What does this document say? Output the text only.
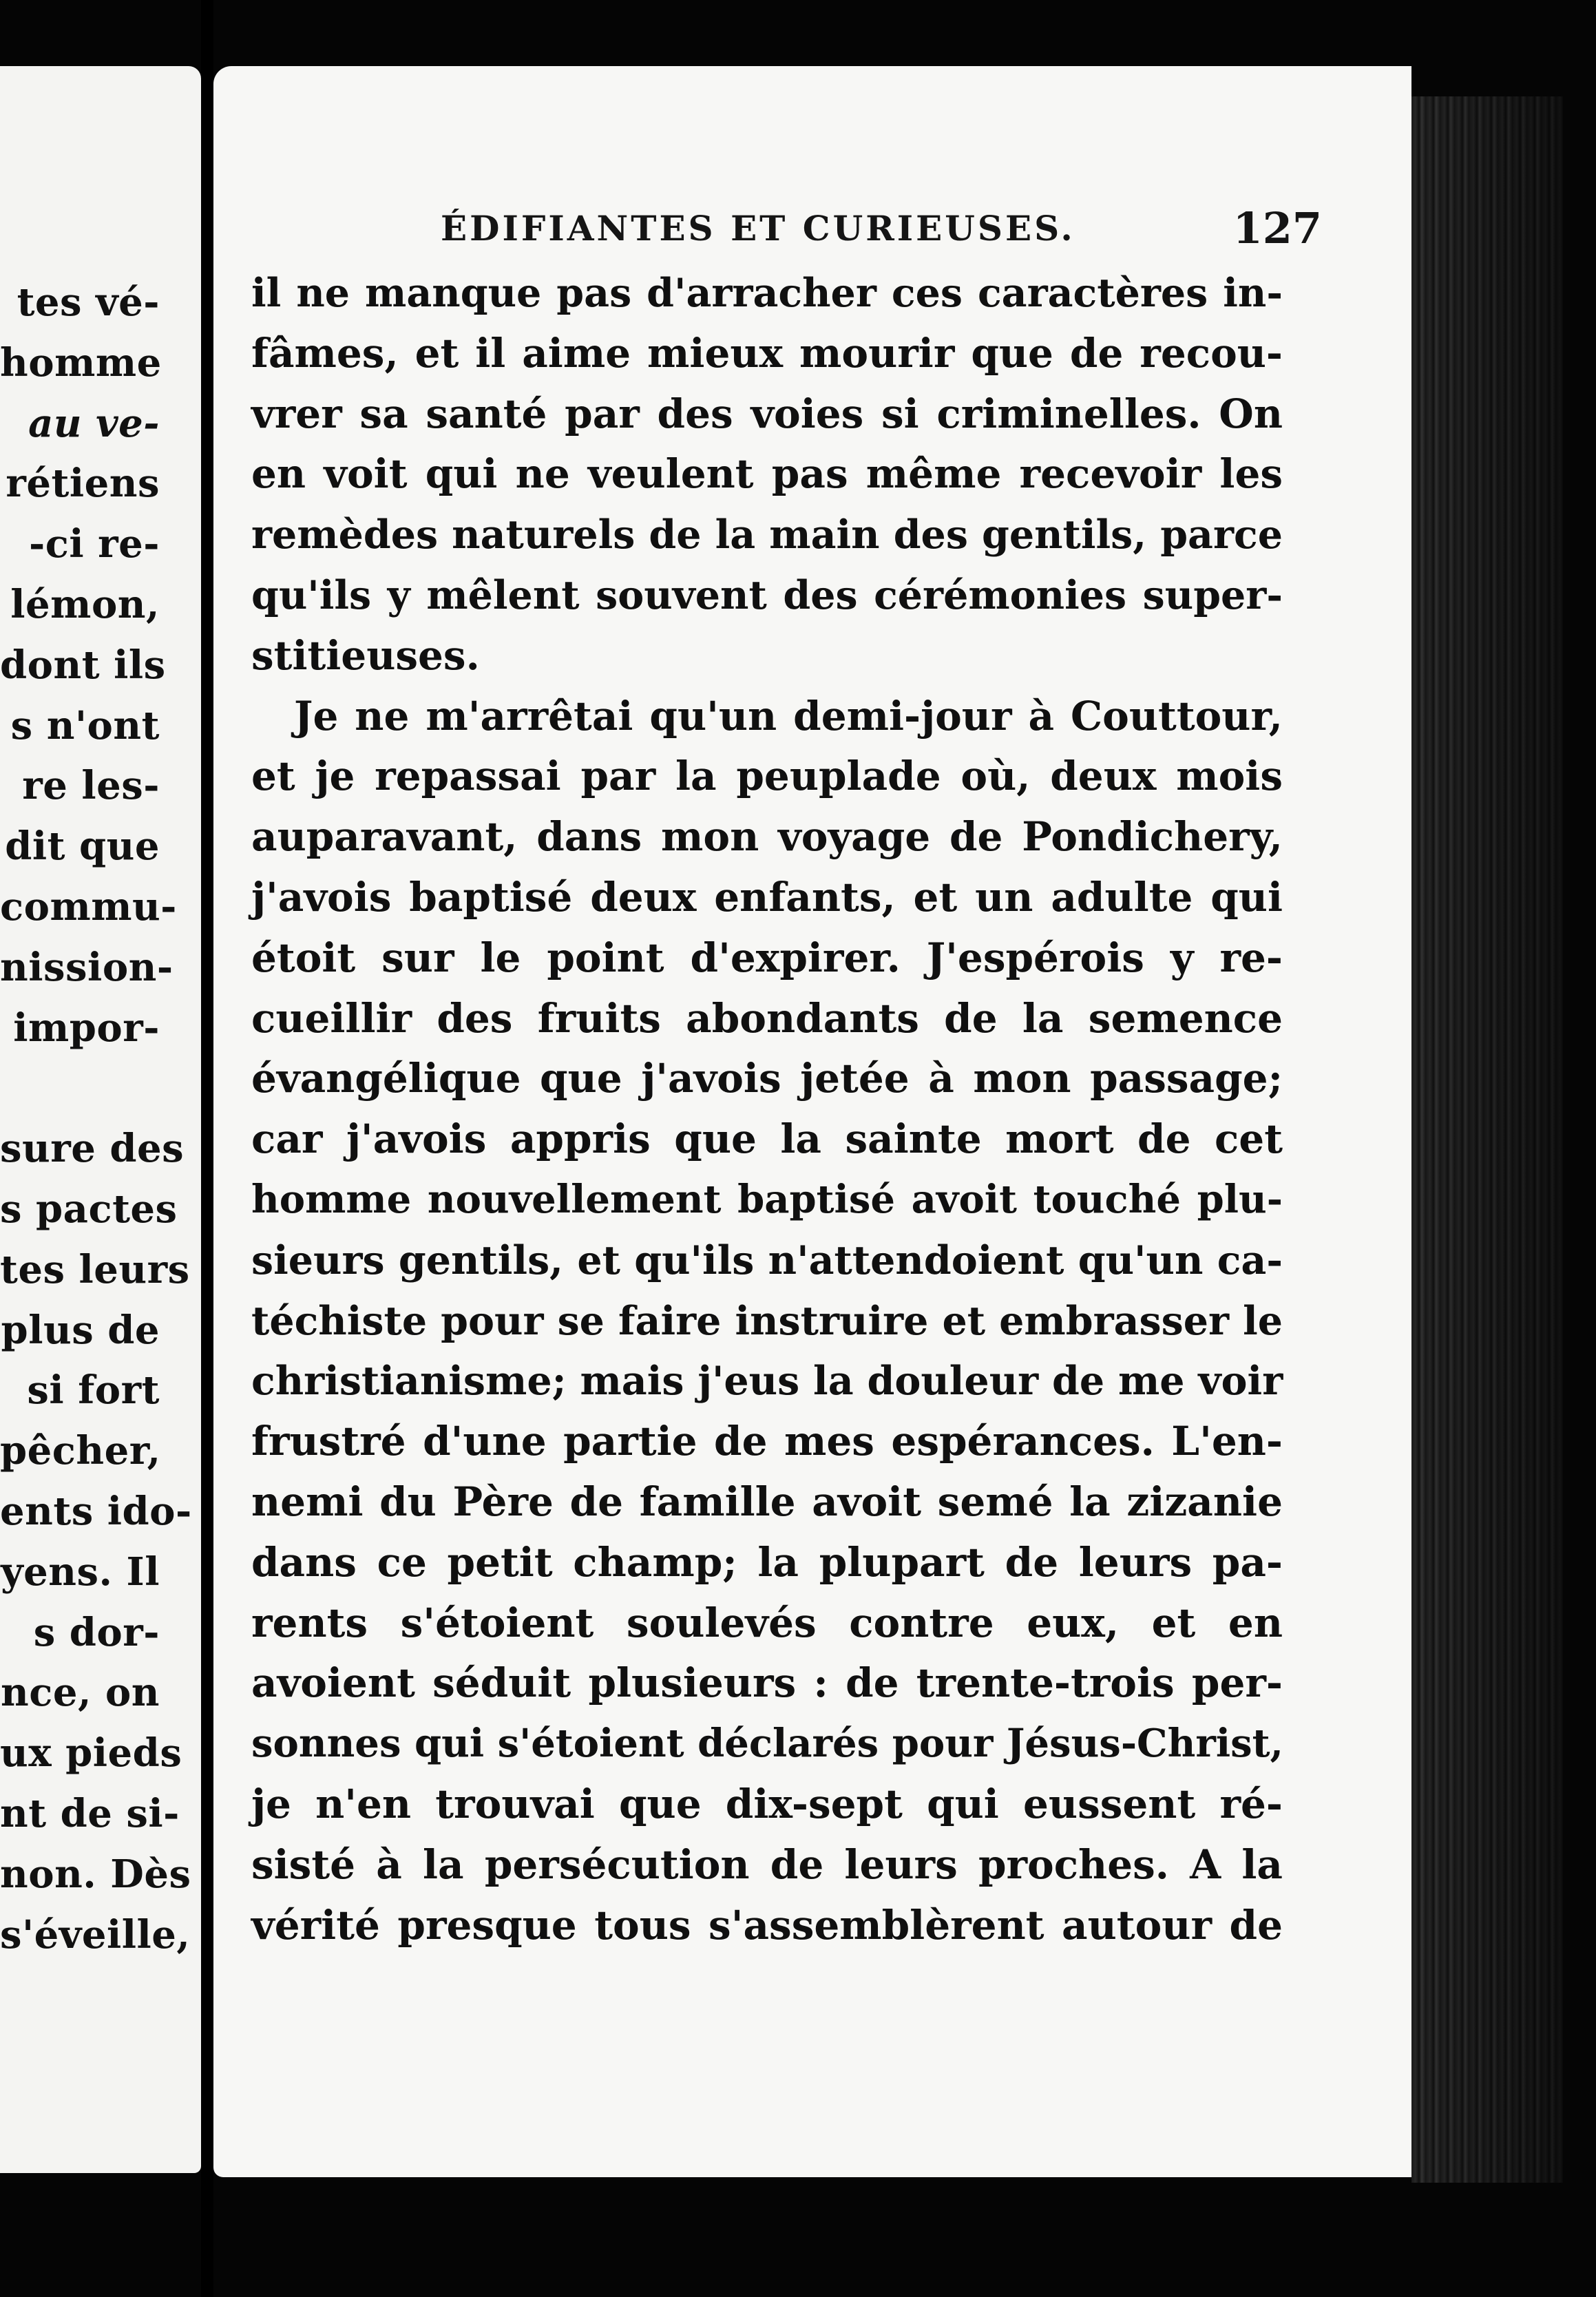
tes vé-
homme
au ve-
rétiens
-ci re-
lémon,
dont ils
s n'ont
re les-
dit que
commu-
nission-
impor-
sure des
s pactes
tes leurs
plus de
si fort
pêcher,
ents ido-
yens. Il
s dor-
nce, on
ux pieds
nt de si-
non. Dès
s'éveille,
ÉDIFIANTES ET CURIEUSES.	127
il ne manque pas d'arracher ces caractères in-
fâmes, et il aime mieux mourir que de recou-
vrer sa santé par des voies si criminelles. On
en voit qui ne veulent pas même recevoir les
remèdes naturels de la main des gentils, parce
qu'ils y mêlent souvent des cérémonies super-
stitieuses.
Je ne m'arrêtai qu'un demi-jour à Couttour,
et je repassai par la peuplade où, deux mois
auparavant, dans mon voyage de Pondichery,
j'avois baptisé deux enfants, et un adulte qui
étoit sur le point d'expirer. J'espérois y re-
cueillir des fruits abondants de la semence
évangélique que j'avois jetée à mon passage;
car j'avois appris que la sainte mort de cet
homme nouvellement baptisé avoit touché plu-
sieurs gentils, et qu'ils n'attendoient qu'un ca-
téchiste pour se faire instruire et embrasser le
christianisme; mais j'eus la douleur de me voir
frustré d'une partie de mes espérances. L'en-
nemi du Père de famille avoit semé la zizanie
dans ce petit champ; la plupart de leurs pa-
rents s'étoient soulevés contre eux, et en
avoient séduit plusieurs : de trente-trois per-
sonnes qui s'étoient déclarés pour Jésus-Christ,
je n'en trouvai que dix-sept qui eussent ré-
sisté à la persécution de leurs proches. A la
vérité presque tous s'assemblèrent autour de
